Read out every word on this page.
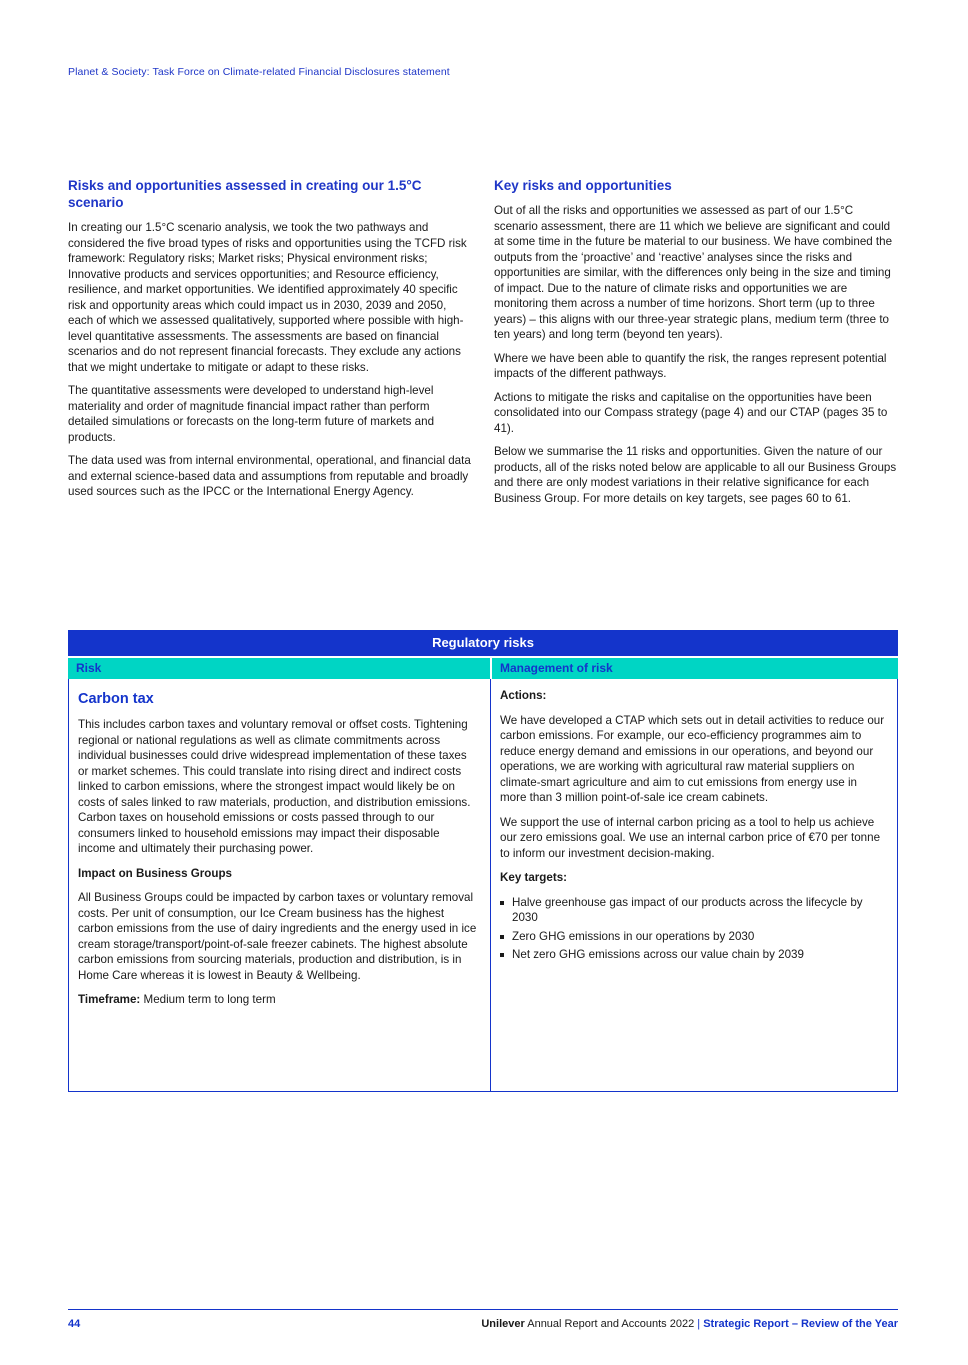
Planet & Society: Task Force on Climate-related Financial Disclosures statement
Risks and opportunities assessed in creating our 1.5°C scenario

In creating our 1.5°C scenario analysis, we took the two pathways and considered the five broad types of risks and opportunities using the TCFD risk framework: Regulatory risks; Market risks; Physical environment risks; Innovative products and services opportunities; and Resource efficiency, resilience, and market opportunities. We identified approximately 40 specific risk and opportunity areas which could impact us in 2030, 2039 and 2050, each of which we assessed qualitatively, supported where possible with high-level quantitative assessments. The assessments are based on financial scenarios and do not represent financial forecasts. They exclude any actions that we might undertake to mitigate or adapt to these risks.

The quantitative assessments were developed to understand high-level materiality and order of magnitude financial impact rather than perform detailed simulations or forecasts on the long-term future of markets and products.

The data used was from internal environmental, operational, and financial data and external science-based data and assumptions from reputable and broadly used sources such as the IPCC or the International Energy Agency.

Key risks and opportunities

Out of all the risks and opportunities we assessed as part of our 1.5°C scenario assessment, there are 11 which we believe are significant and could at some time in the future be material to our business. We have combined the outputs from the ‘proactive’ and ‘reactive’ analyses since the risks and opportunities are similar, with the differences only being in the size and timing of impact. Due to the nature of climate risks and opportunities we are monitoring them across a number of time horizons. Short term (up to three years) – this aligns with our three-year strategic plans, medium term (three to ten years) and long term (beyond ten years).

Where we have been able to quantify the risk, the ranges represent potential impacts of the different pathways.

Actions to mitigate the risks and capitalise on the opportunities have been consolidated into our Compass strategy (page 4) and our CTAP (pages 35 to 41).

Below we summarise the 11 risks and opportunities. Given the nature of our products, all of the risks noted below are applicable to all our Business Groups and there are only modest variations in their relative significance for each Business Group. For more details on key targets, see pages 60 to 61.

Regulatory risks
Risk	Management of risk
Carbon tax

This includes carbon taxes and voluntary removal or offset costs. Tightening regional or national regulations as well as climate commitments across individual businesses could drive widespread implementation of these taxes or market schemes. This could translate into rising direct and indirect costs linked to carbon emissions, where the strongest impact would likely be on costs of sales linked to raw materials, production, and distribution emissions. Carbon taxes on household emissions or costs passed through to our consumers linked to household emissions may impact their disposable income and ultimately their purchasing power.

Impact on Business Groups

All Business Groups could be impacted by carbon taxes or voluntary removal costs. Per unit of consumption, our Ice Cream business has the highest carbon emissions from the use of dairy ingredients and the energy used in ice cream storage/transport/point-of-sale freezer cabinets. The highest absolute carbon emissions from sourcing materials, production and distribution, is in Home Care whereas it is lowest in Beauty & Wellbeing.

Timeframe: Medium term to long term

Actions:

We have developed a CTAP which sets out in detail activities to reduce our carbon emissions. For example, our eco-efficiency programmes aim to reduce energy demand and emissions in our operations, and beyond our operations, we are working with agricultural raw material suppliers on climate-smart agriculture and aim to cut emissions from energy use in more than 3 million point-of-sale ice cream cabinets.

We support the use of internal carbon pricing as a tool to help us achieve our zero emissions goal. We use an internal carbon price of €70 per tonne to inform our investment decision-making.

Key targets:

Halve greenhouse gas impact of our products across the lifecycle by 2030
Zero GHG emissions in our operations by 2030
Net zero GHG emissions across our value chain by 2039
44	Unilever Annual Report and Accounts 2022 | Strategic Report – Review of the Year
